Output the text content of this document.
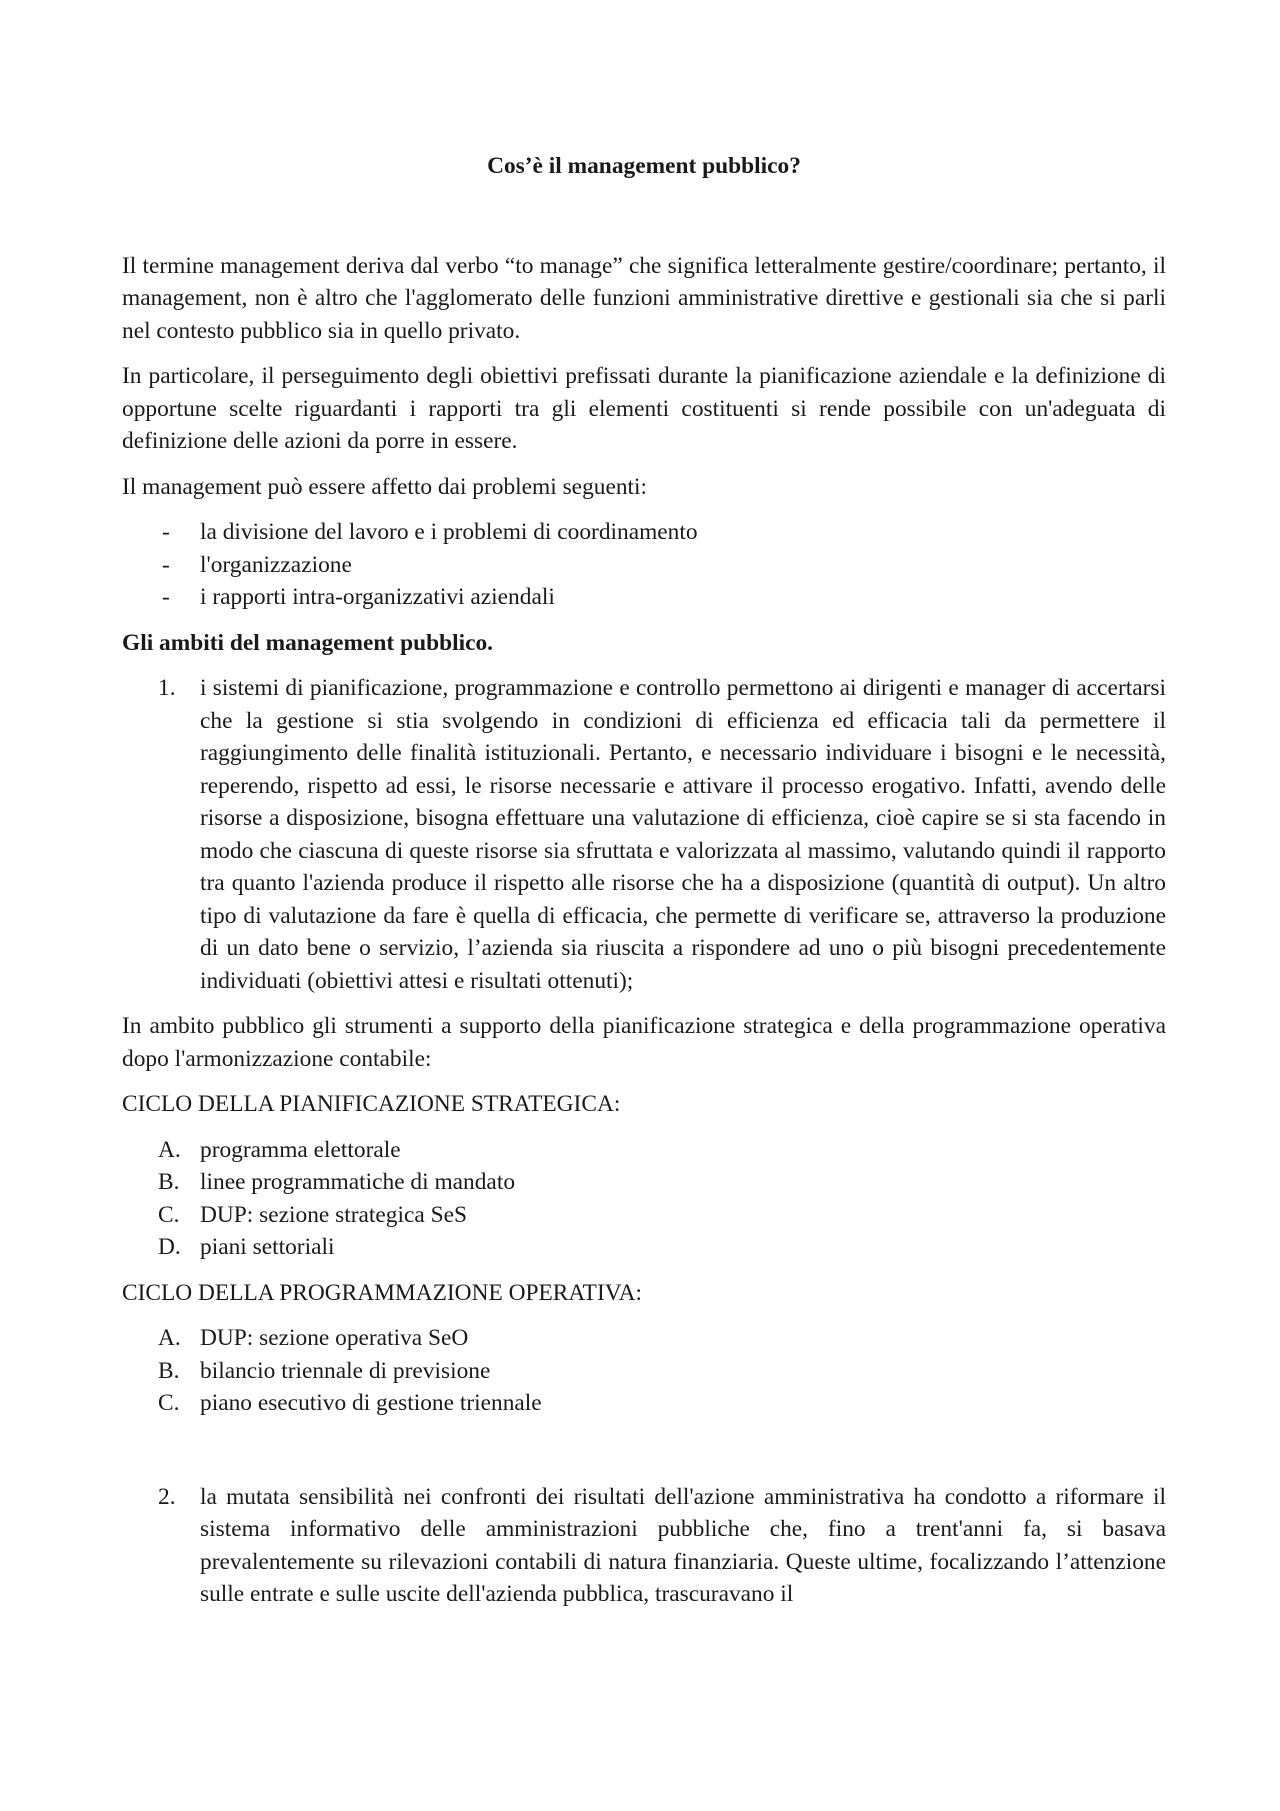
Cos’è il management pubblico?

Il termine management deriva dal verbo “to manage” che significa letteralmente gestire/coordinare; pertanto, il management, non è altro che l'agglomerato delle funzioni amministrative direttive e gestionali sia che si parli nel contesto pubblico sia in quello privato.

In particolare, il perseguimento degli obiettivi prefissati durante la pianificazione aziendale e la definizione di opportune scelte riguardanti i rapporti tra gli elementi costituenti si rende possibile con un'adeguata di definizione delle azioni da porre in essere.

Il management può essere affetto dai problemi seguenti:

- la divisione del lavoro e i problemi di coordinamento
- l'organizzazione
- i rapporti intra-organizzativi aziendali
Gli ambiti del management pubblico.
1. i sistemi di pianificazione, programmazione e controllo permettono ai dirigenti e manager di accertarsi che la gestione si stia svolgendo in condizioni di efficienza ed efficacia tali da permettere il raggiungimento delle finalità istituzionali. Pertanto, e necessario individuare i bisogni e le necessità, reperendo, rispetto ad essi, le risorse necessarie e attivare il processo erogativo. Infatti, avendo delle risorse a disposizione, bisogna effettuare una valutazione di efficienza, cioè capire se si sta facendo in modo che ciascuna di queste risorse sia sfruttata e valorizzata al massimo, valutando quindi il rapporto tra quanto l'azienda produce il rispetto alle risorse che ha a disposizione (quantità di output). Un altro tipo di valutazione da fare è quella di efficacia, che permette di verificare se, attraverso la produzione di un dato bene o servizio, l’azienda sia riuscita a rispondere ad uno o più bisogni precedentemente individuati (obiettivi attesi e risultati ottenuti);

In ambito pubblico gli strumenti a supporto della pianificazione strategica e della programmazione operativa dopo l'armonizzazione contabile:

CICLO DELLA PIANIFICAZIONE STRATEGICA:
A. programma elettorale
B. linee programmatiche di mandato
C. DUP: sezione strategica SeS
D. piani settoriali
CICLO DELLA PROGRAMMAZIONE OPERATIVA:
A. DUP: sezione operativa SeO
B. bilancio triennale di previsione
C. piano esecutivo di gestione triennale
2. la mutata sensibilità nei confronti dei risultati dell'azione amministrativa ha condotto a riformare il sistema informativo delle amministrazioni pubbliche che, fino a trent'anni fa, si basava prevalentemente su rilevazioni contabili di natura finanziaria. Queste ultime, focalizzando l’attenzione sulle entrate e sulle uscite dell'azienda pubblica, trascuravano il
